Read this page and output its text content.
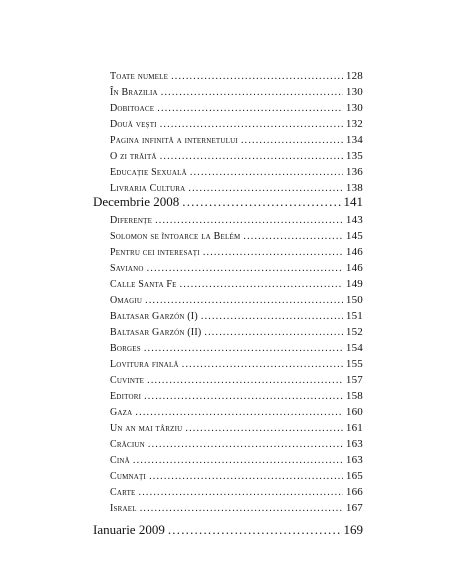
Toate numele .....	128
În Brazilia .....	130
Dobitoace .....	130
Două vești .....	132
Pagina infinită a internetului .....	134
O zi trăită .....	135
Educație Sexuală .....	136
Livraria Cultura .....	138
Decembrie 2008 .....	141
Diferențe .....	143
Solomon se întoarce la Belém .....	145
Pentru cei interesați .....	146
Saviano .....	146
Calle Santa Fe .....	149
Omagiu .....	150
Baltasar Garzón (I) .....	151
Baltasar Garzón (II) .....	152
Borges .....	154
Lovitura finală .....	155
Cuvinte .....	157
Editori .....	158
Gaza .....	160
Un an mai târziu .....	161
Crăciun .....	163
Cină .....	163
Cumnați .....	165
Carte .....	166
Israel .....	167
Ianuarie 2009 .....	169
